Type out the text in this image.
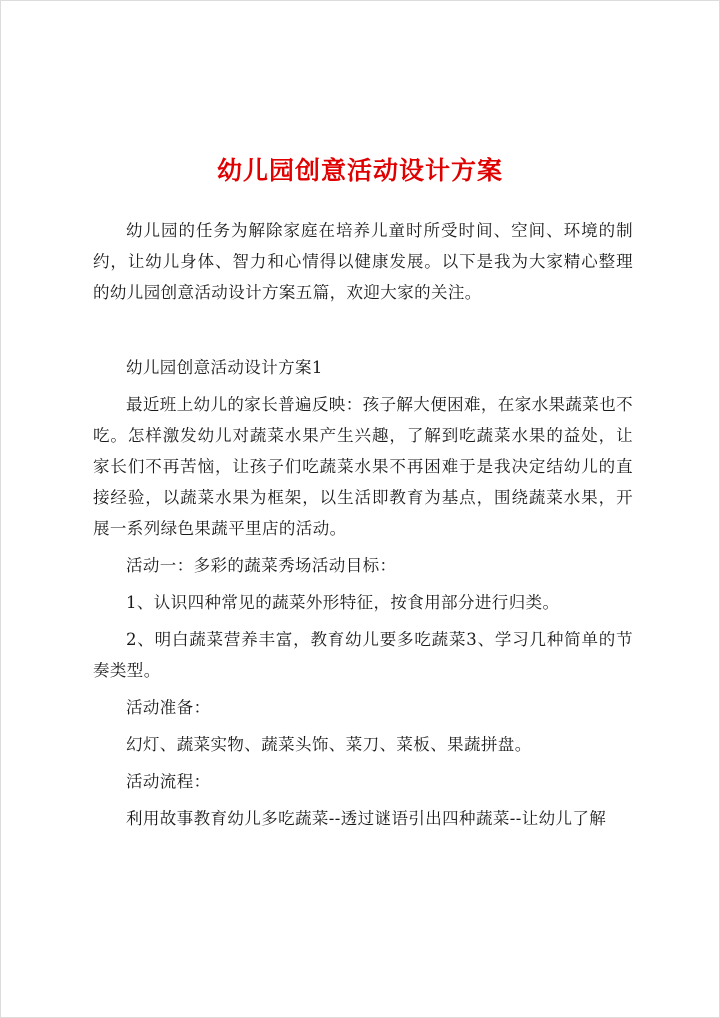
幼儿园创意活动设计方案

幼儿园的任务为解除家庭在培养儿童时所受时间、空间、环境的制约，让幼儿身体、智力和心情得以健康发展。以下是我为大家精心整理的幼儿园创意活动设计方案五篇，欢迎大家的关注。

幼儿园创意活动设计方案1

最近班上幼儿的家长普遍反映：孩子解大便困难，在家水果蔬菜也不吃。怎样激发幼儿对蔬菜水果产生兴趣，了解到吃蔬菜水果的益处，让家长们不再苦恼，让孩子们吃蔬菜水果不再困难于是我决定结幼儿的直接经验，以蔬菜水果为框架，以生活即教育为基点，围绕蔬菜水果，开展一系列绿色果蔬平里店的活动。

活动一：多彩的蔬菜秀场活动目标：

1、认识四种常见的蔬菜外形特征，按食用部分进行归类。

2、明白蔬菜营养丰富，教育幼儿要多吃蔬菜3、学习几种简单的节奏类型。

活动准备：

幻灯、蔬菜实物、蔬菜头饰、菜刀、菜板、果蔬拼盘。

活动流程：

利用故事教育幼儿多吃蔬菜--透过谜语引出四种蔬菜--让幼儿了解
